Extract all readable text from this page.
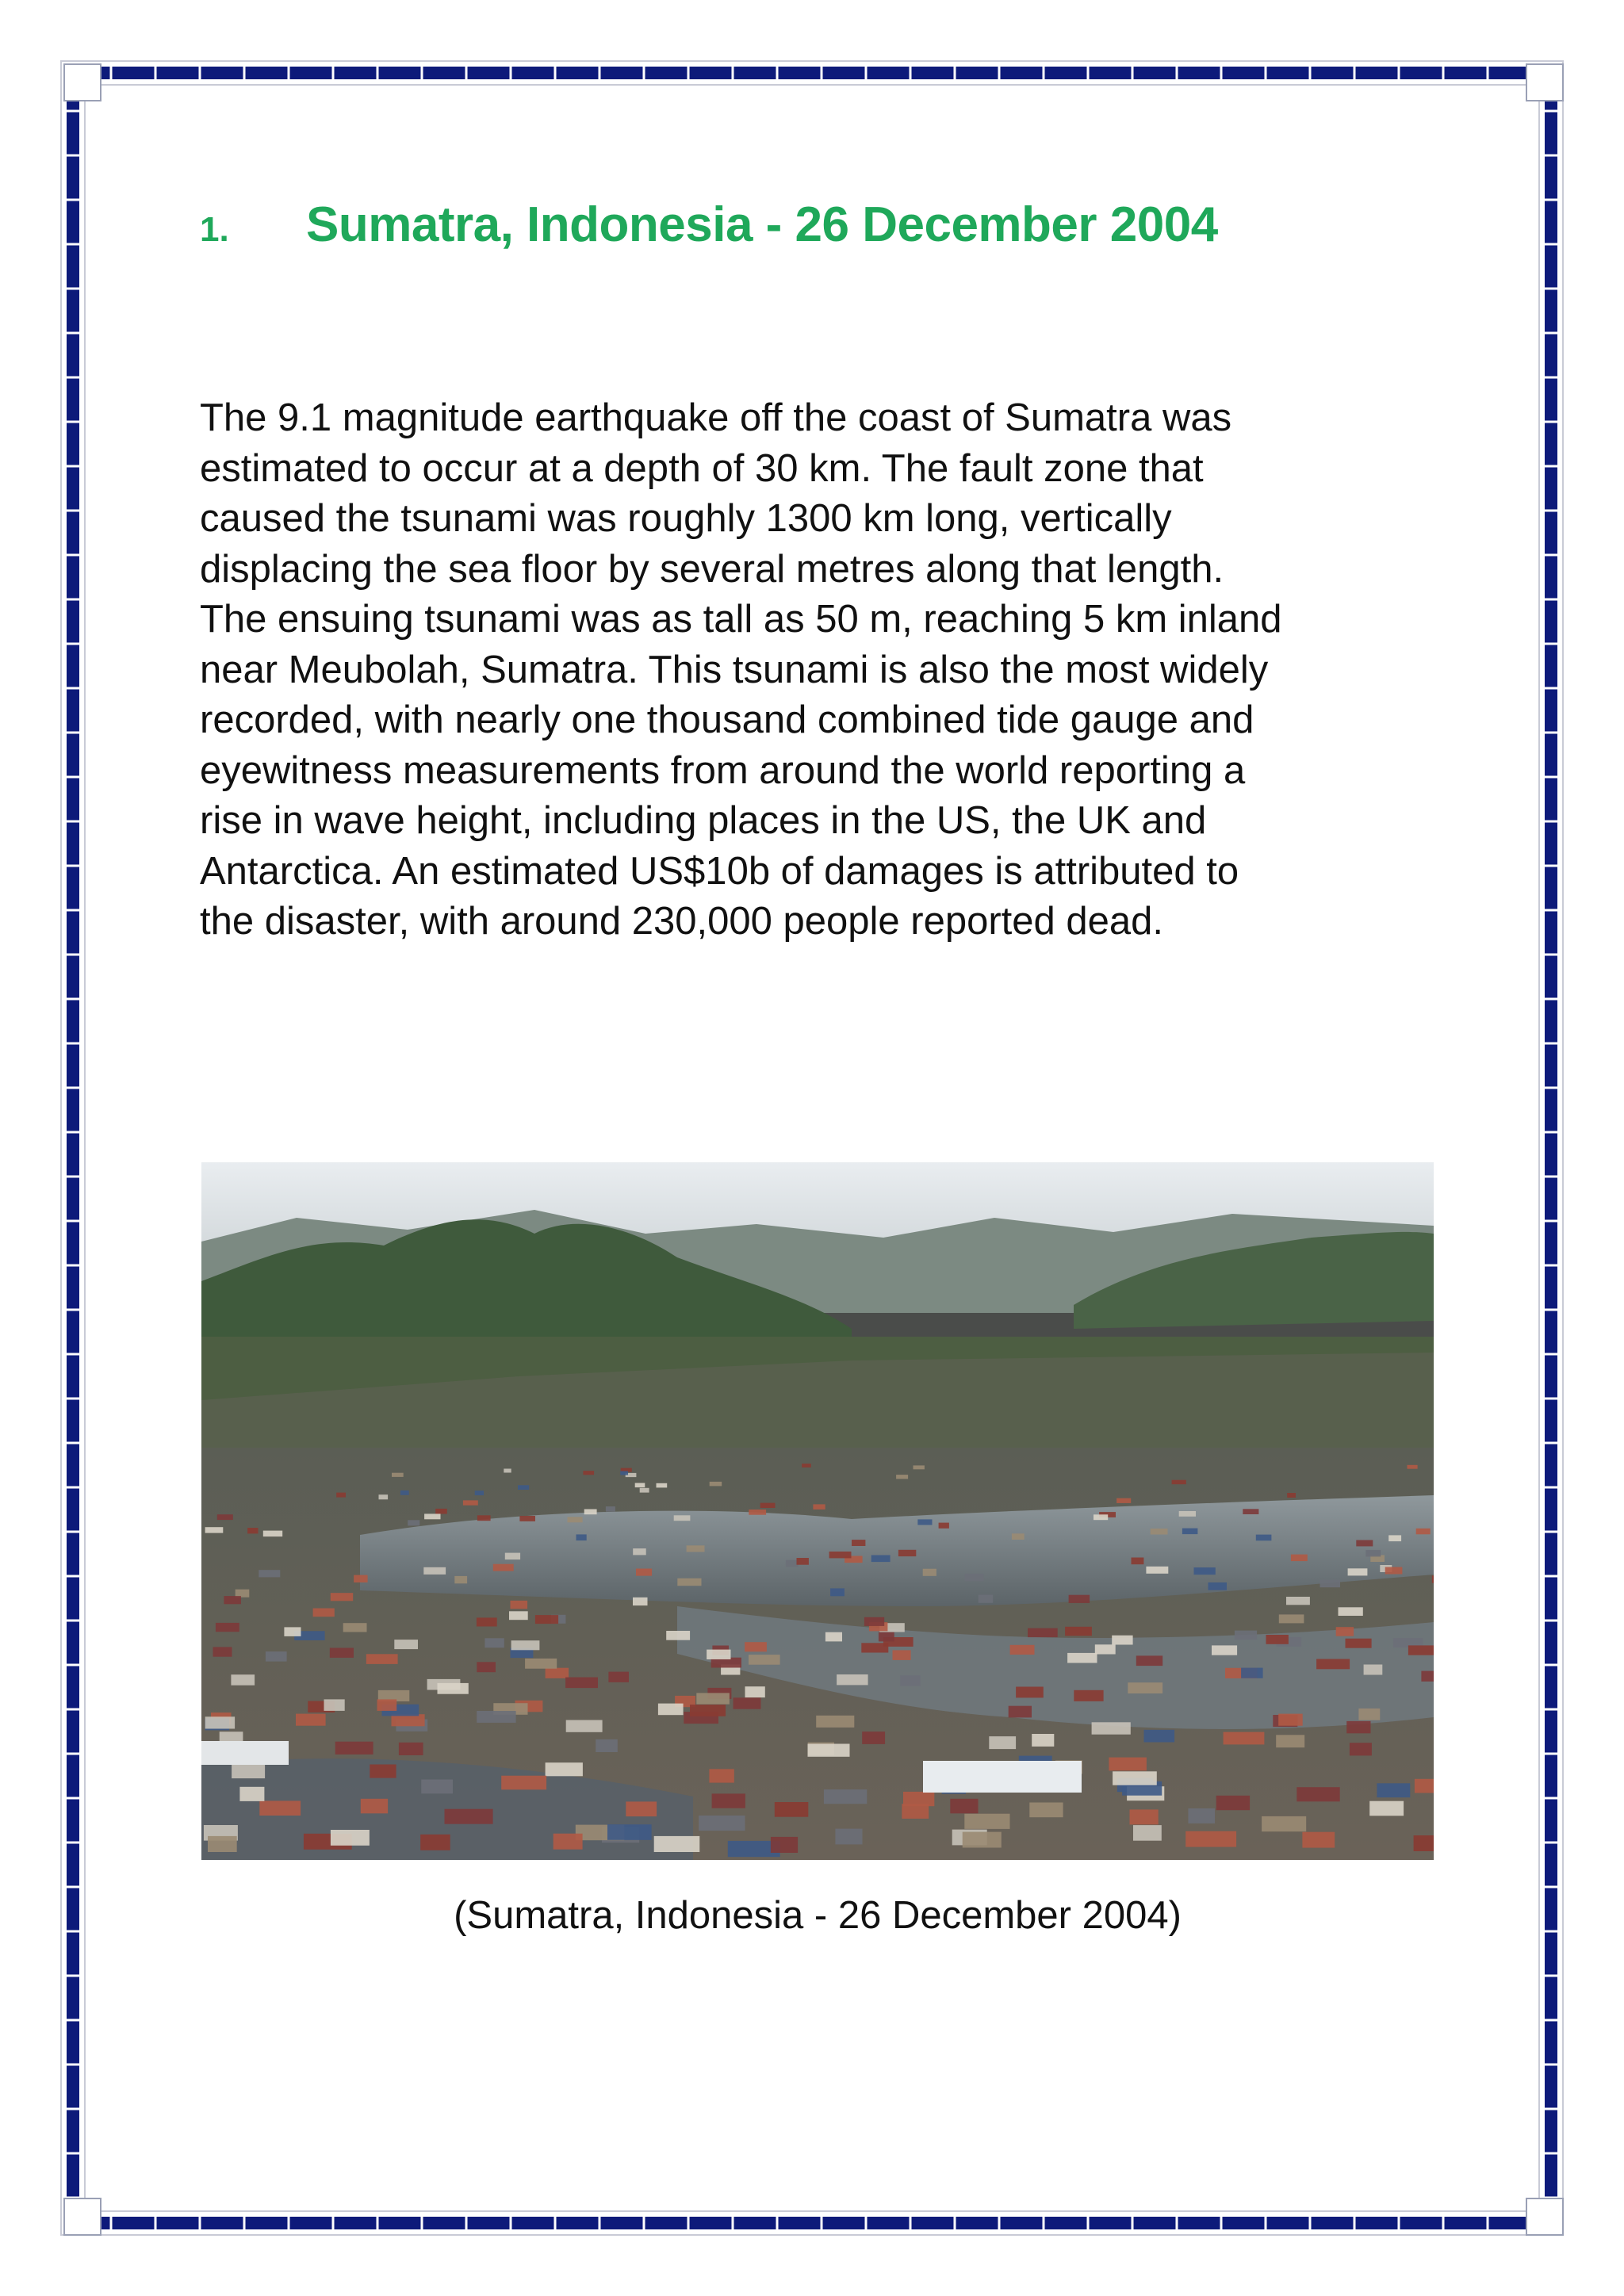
1.	Sumatra, Indonesia - 26 December 2004

The 9.1 magnitude earthquake off the coast of Sumatra was
estimated to occur at a depth of 30 km. The fault zone that
caused the tsunami was roughly 1300 km long, vertically
displacing the sea floor by several metres along that length.
The ensuing tsunami was as tall as 50 m, reaching 5 km inland
near Meubolah, Sumatra. This tsunami is also the most widely
recorded, with nearly one thousand combined tide gauge and
eyewitness measurements from around the world reporting a
rise in wave height, including places in the US, the UK and
Antarctica. An estimated US$10b of damages is attributed to
the disaster, with around 230,000 people reported dead.

(Sumatra, Indonesia - 26 December 2004)
